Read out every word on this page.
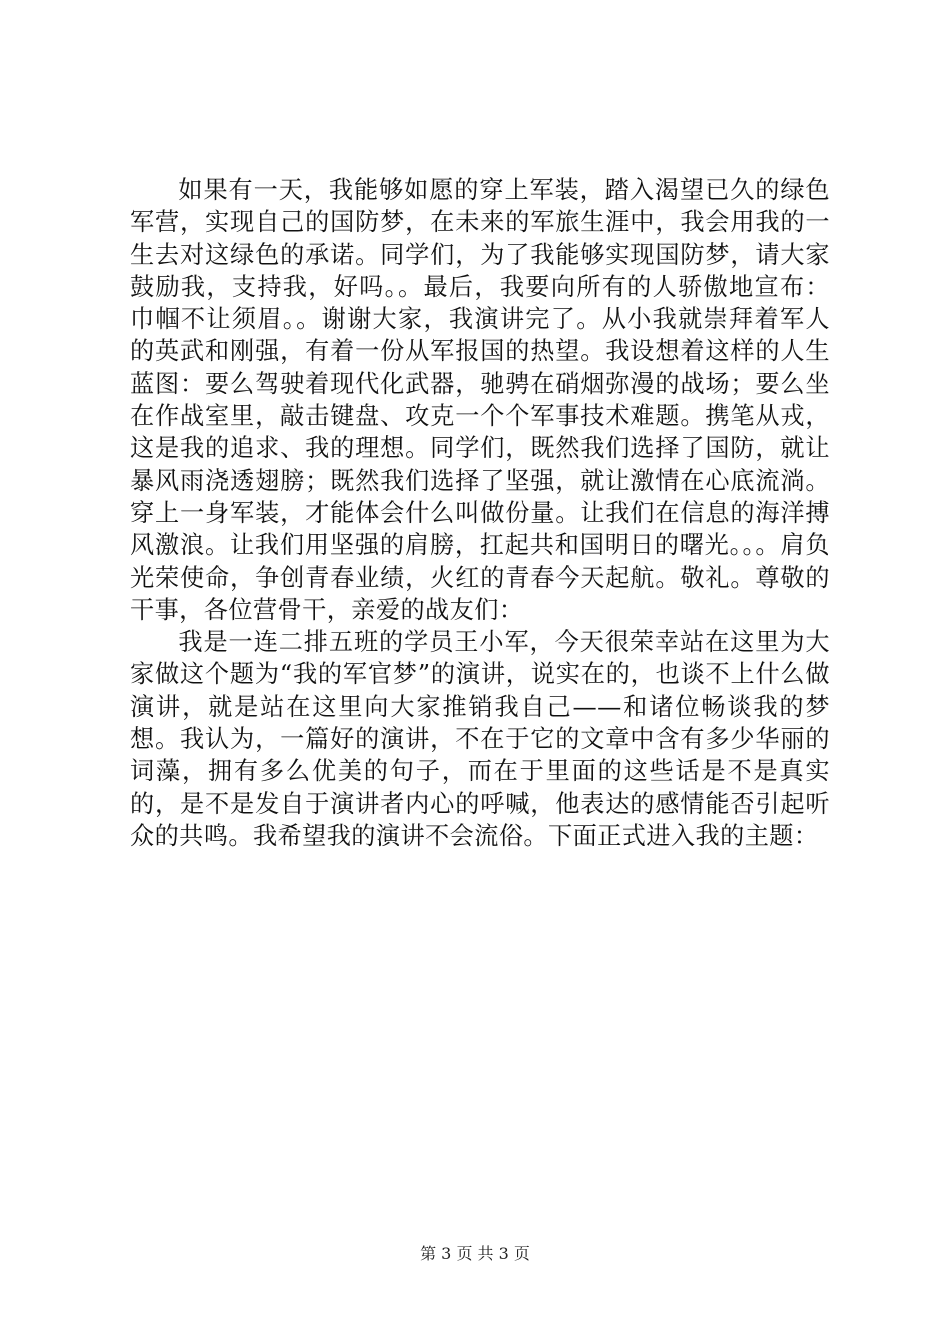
如果有一天，我能够如愿的穿上军装，踏入渴望已久的绿色军营，实现自己的国防梦，在未来的军旅生涯中，我会用我的一生去对这绿色的承诺。同学们，为了我能够实现国防梦，请大家鼓励我，支持我，好吗。。最后，我要向所有的人骄傲地宣布：巾帼不让须眉。。谢谢大家，我演讲完了。从小我就崇拜着军人的英武和刚强，有着一份从军报国的热望。我设想着这样的人生蓝图：要么驾驶着现代化武器，驰骋在硝烟弥漫的战场；要么坐在作战室里，敲击键盘、攻克一个个军事技术难题。携笔从戎，这是我的追求、我的理想。同学们，既然我们选择了国防，就让暴风雨浇透翅膀；既然我们选择了坚强，就让激情在心底流淌。穿上一身军装，才能体会什么叫做份量。让我们在信息的海洋搏风激浪。让我们用坚强的肩膀，扛起共和国明日的曙光。。。肩负光荣使命，争创青春业绩，火红的青春今天起航。敬礼。尊敬的干事，各位营骨干，亲爱的战友们：

我是一连二排五班的学员王小军，今天很荣幸站在这里为大家做这个题为“我的军官梦”的演讲，说实在的，也谈不上什么做演讲，就是站在这里向大家推销我自己——和诸位畅谈我的梦想。我认为，一篇好的演讲，不在于它的文章中含有多少华丽的词藻，拥有多么优美的句子，而在于里面的这些话是不是真实的，是不是发自于演讲者内心的呼喊，他表达的感情能否引起听众的共鸣。我希望我的演讲不会流俗。下面正式进入我的主题：

第 3 页 共 3 页
